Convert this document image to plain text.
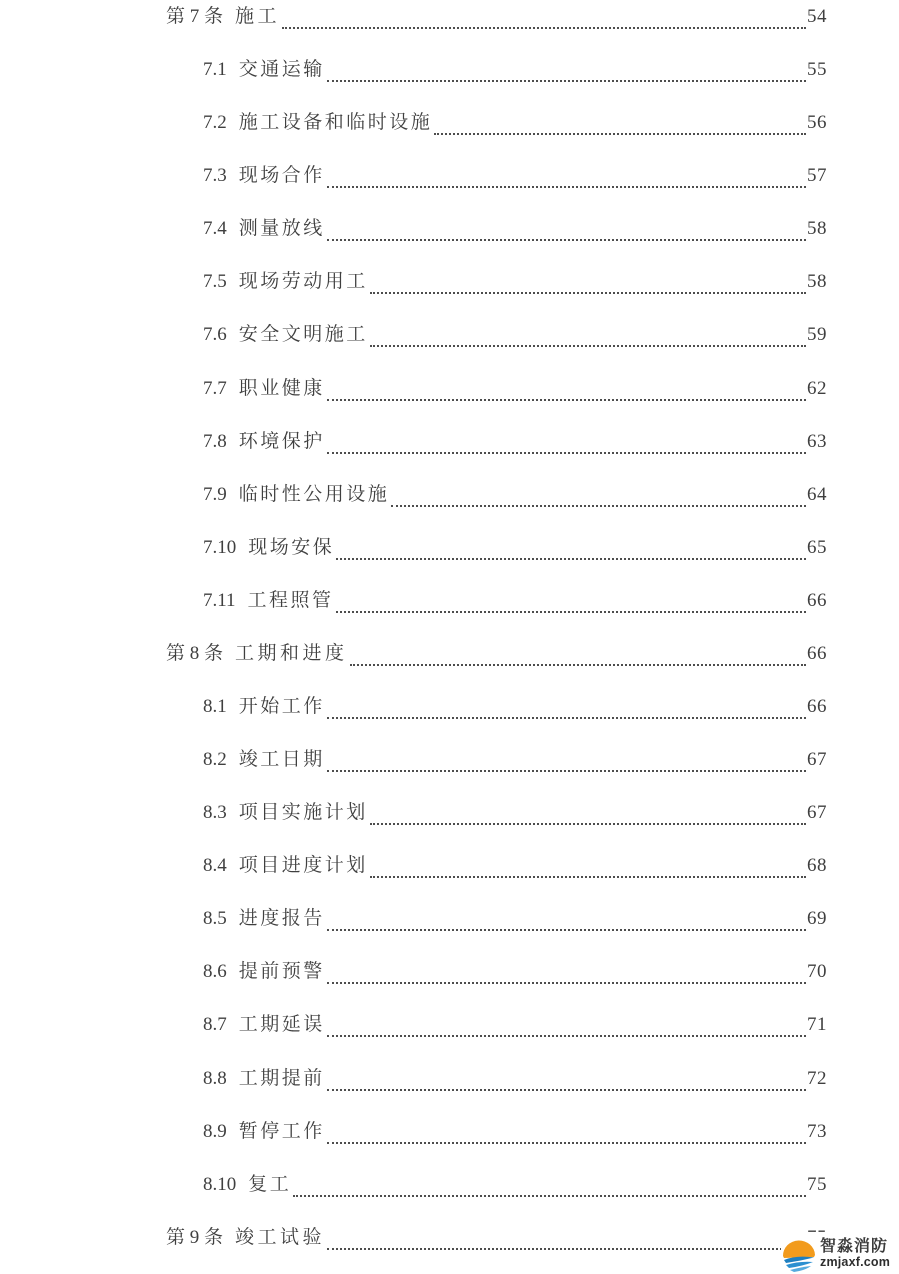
第 7 条 施工	54
7.1 交通运输	55
7.2 施工设备和临时设施	56
7.3 现场合作	57
7.4 测量放线	58
7.5 现场劳动用工	58
7.6 安全文明施工	59
7.7 职业健康	62
7.8 环境保护	63
7.9 临时性公用设施	64
7.10 现场安保	65
7.11 工程照管	66
第 8 条 工期和进度	66
8.1 开始工作	66
8.2 竣工日期	67
8.3 项目实施计划	67
8.4 项目进度计划	68
8.5 进度报告	69
8.6 提前预警	70
8.7 工期延误	71
8.8 工期提前	72
8.9 暂停工作	73
8.10 复工	75
第 9 条 竣工试验	智淼消防
zmjaxf.com
